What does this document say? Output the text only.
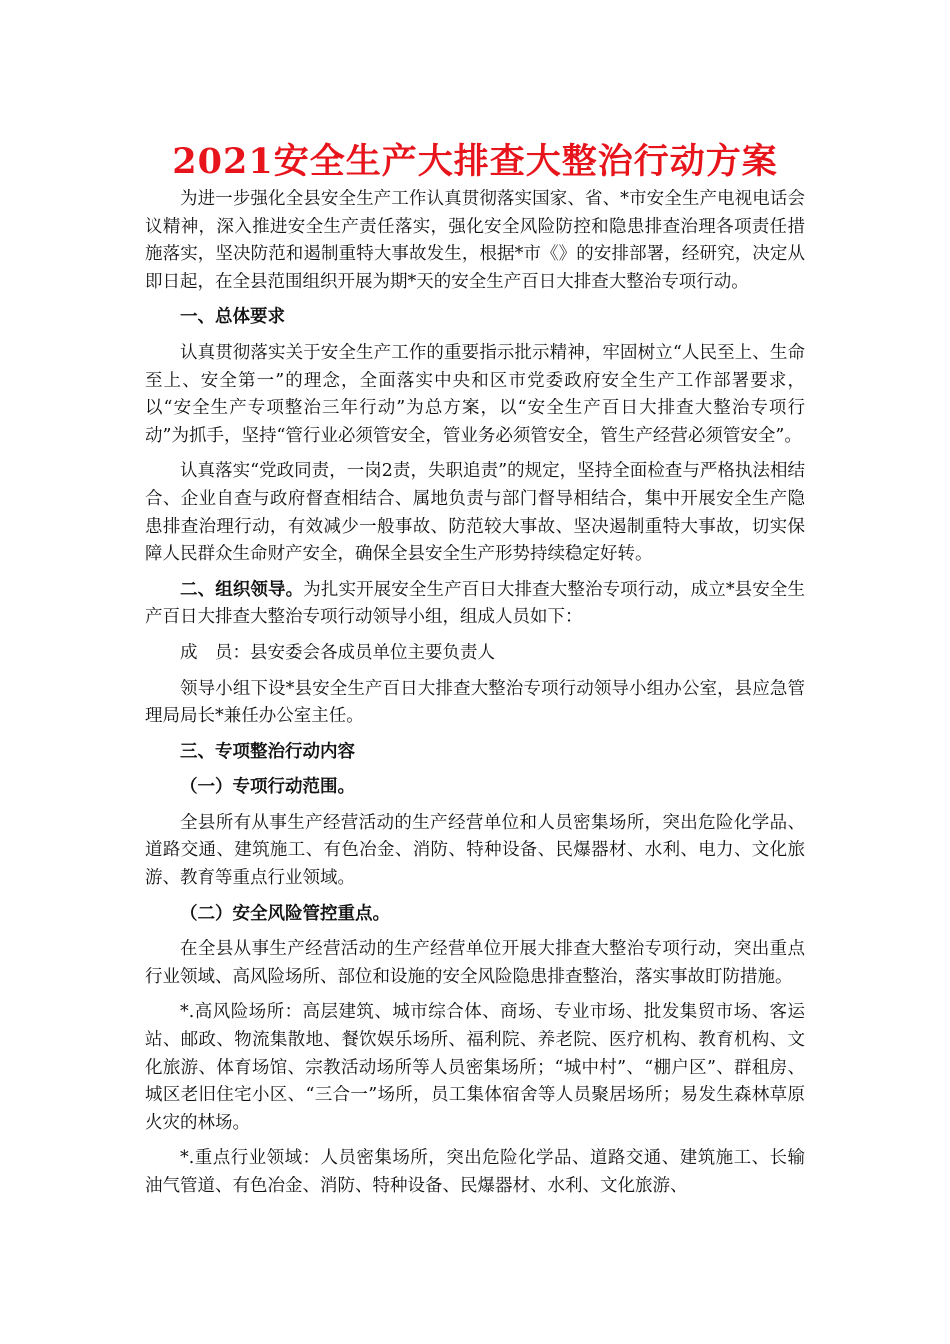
2021安全生产大排查大整治行动方案

为进一步强化全县安全生产工作认真贯彻落实国家、省、*市安全生产电视电话会议精神，深入推进安全生产责任落实，强化安全风险防控和隐患排查治理各项责任措施落实，坚决防范和遏制重特大事故发生，根据*市《》的安排部署，经研究，决定从即日起，在全县范围组织开展为期*天的安全生产百日大排查大整治专项行动。

一、总体要求

认真贯彻落实关于安全生产工作的重要指示批示精神，牢固树立“人民至上、生命至上、安全第一”的理念，全面落实中央和区市党委政府安全生产工作部署要求，以“安全生产专项整治三年行动”为总方案，以“安全生产百日大排查大整治专项行动”为抓手，坚持“管行业必须管安全，管业务必须管安全，管生产经营必须管安全”。

认真落实“党政同责，一岗2责，失职追责”的规定，坚持全面检查与严格执法相结合、企业自查与政府督查相结合、属地负责与部门督导相结合，集中开展安全生产隐患排查治理行动，有效减少一般事故、防范较大事故、坚决遏制重特大事故，切实保障人民群众生命财产安全，确保全县安全生产形势持续稳定好转。

二、组织领导。为扎实开展安全生产百日大排查大整治专项行动，成立*县安全生产百日大排查大整治专项行动领导小组，组成人员如下：

成　员：县安委会各成员单位主要负责人

领导小组下设*县安全生产百日大排查大整治专项行动领导小组办公室，县应急管理局局长*兼任办公室主任。

三、专项整治行动内容

（一）专项行动范围。

全县所有从事生产经营活动的生产经营单位和人员密集场所，突出危险化学品、道路交通、建筑施工、有色冶金、消防、特种设备、民爆器材、水利、电力、文化旅游、教育等重点行业领域。

（二）安全风险管控重点。

在全县从事生产经营活动的生产经营单位开展大排查大整治专项行动，突出重点行业领域、高风险场所、部位和设施的安全风险隐患排查整治，落实事故盯防措施。

*.高风险场所：高层建筑、城市综合体、商场、专业市场、批发集贸市场、客运站、邮政、物流集散地、餐饮娱乐场所、福利院、养老院、医疗机构、教育机构、文化旅游、体育场馆、宗教活动场所等人员密集场所；“城中村”、“棚户区”、群租房、城区老旧住宅小区、“三合一”场所，员工集体宿舍等人员聚居场所；易发生森林草原火灾的林场。

*.重点行业领域：人员密集场所，突出危险化学品、道路交通、建筑施工、长输油气管道、有色冶金、消防、特种设备、民爆器材、水利、文化旅游、
